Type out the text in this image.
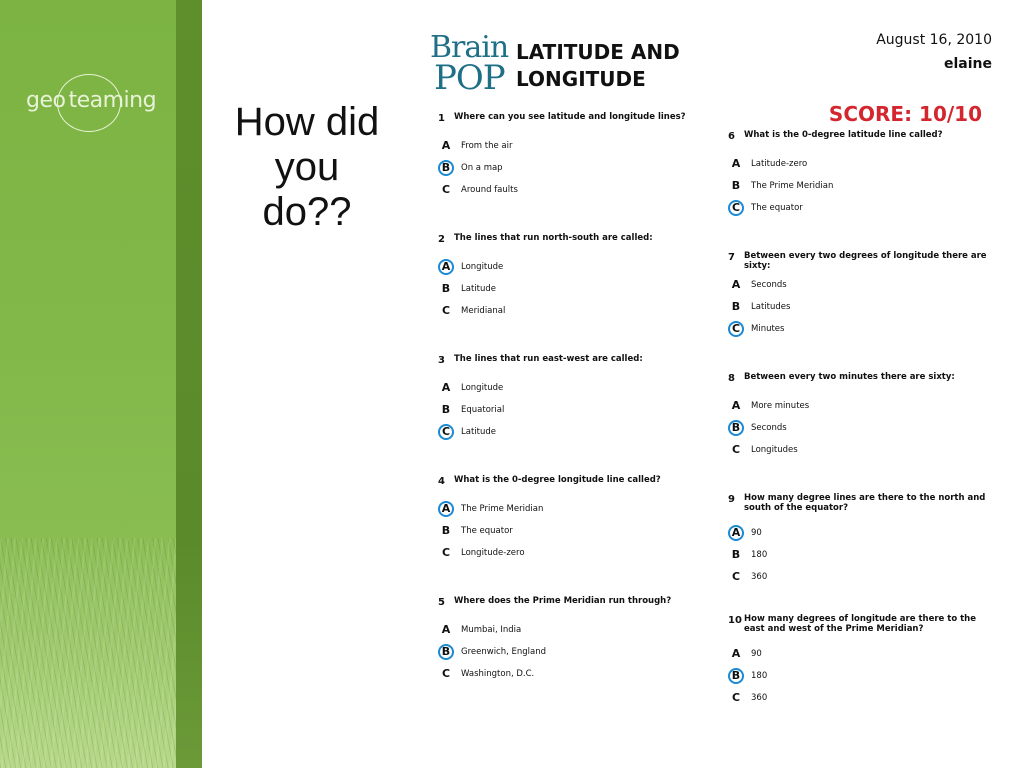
geo teaming	How did
you
do??
Brain
POP
LATITUDE AND
LONGITUDE
August 16, 2010
elaine
SCORE: 10/10
1	Where can you see latitude and longitude lines?
A	From the air
B	On a map
C	Around faults
2	The lines that run north-south are called:
A	Longitude
B	Latitude
C	Meridianal
3	The lines that run east-west are called:
A	Longitude
B	Equatorial
C	Latitude
4	What is the 0-degree longitude line called?
A	The Prime Meridian
B	The equator
C	Longitude-zero
5	Where does the Prime Meridian run through?
A	Mumbai, India
B	Greenwich, England
C	Washington, D.C.
6	What is the 0-degree latitude line called?
A	Latitude-zero
B	The Prime Meridian
C	The equator
7	Between every two degrees of longitude there are sixty:
A	Seconds
B	Latitudes
C	Minutes
8	Between every two minutes there are sixty:
A	More minutes
B	Seconds
C	Longitudes
9	How many degree lines are there to the north and south of the equator?
A	90
B	180
C	360
10 How many degrees of longitude are there to the east and west of the Prime Meridian?
A	90
B	180
C	360
